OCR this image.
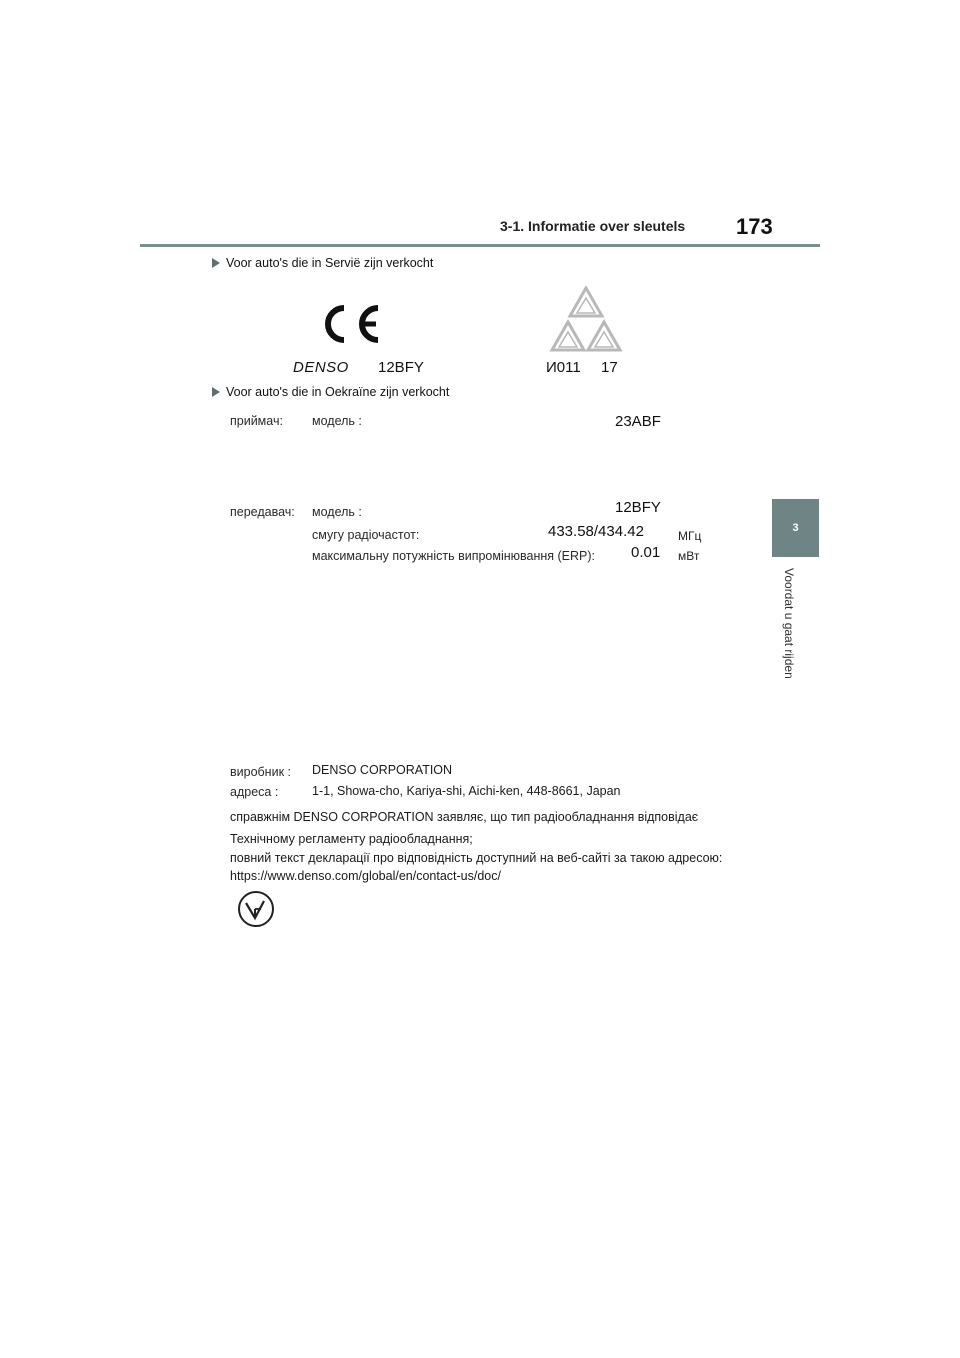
3-1. Informatie over sleutels 173
3
Voordat u gaat rijden
Voor auto's die in Servië zijn verkocht
DENSO 12BFY	И011 17
Voor auto's die in Oekraïne zijn verkocht
приймач: модель :	23ABF
передавач: модель :	12BFY
смугу радіочастот:	433.58/434.42	МГц
максимальну потужність випромінювання (ERP): 0.01 мВт
виробник : DENSO CORPORATION
адреса :	1-1, Showa-cho, Kariya-shi, Aichi-ken, 448-8661, Japan
справжнім DENSO CORPORATION заявляє, що тип радіообладнання відповідає
Технічному регламенту радіообладнання;
повний текст декларації про відповідність доступний на веб-сайті за такою адресою:
https://www.denso.com/global/en/contact-us/doc/
